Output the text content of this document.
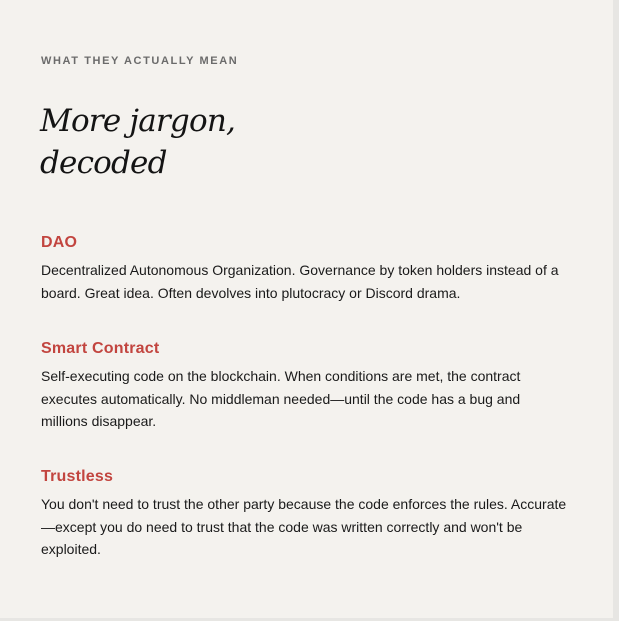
WHAT THEY ACTUALLY MEAN

More jargon,
decoded
DAO

Decentralized Autonomous Organization. Governance by token holders instead of a board. Great idea. Often devolves into plutocracy or Discord drama.

Smart Contract

Self-executing code on the blockchain. When conditions are met, the contract executes automatically. No middleman needed—until the code has a bug and millions disappear.

Trustless

You don't need to trust the other party because the code enforces the rules. Accurate—except you do need to trust that the code was written correctly and won't be exploited.
